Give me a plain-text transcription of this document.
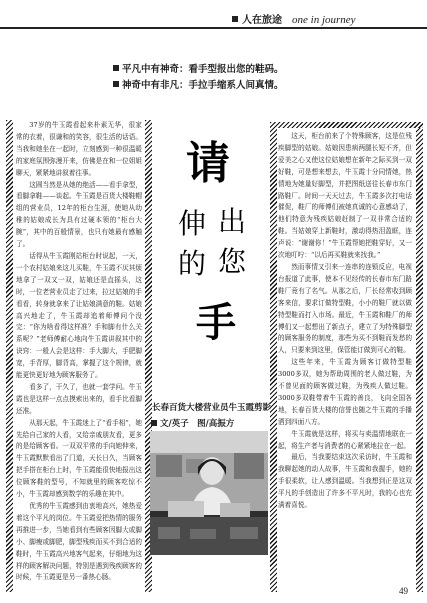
人在旅途 one in journey
平凡中有神奇：看手型报出您的鞋码。
神奇中有非凡：手拉手缩系人间真情。

37岁的牛玉霞看起来朴素无华，很家常的衣着，很谦和的笑容，很生活的话语。当我和她坐在一起时，立刻感到一种很温暖的家庭氛围弥漫开来，仿佛是在和一位姐姐聊天，紧紧地讲叙着往事。

这圆当然是从她的绝活——看手拿型，看脚拿鞋——谈起。牛玉霞是百货大楼鞋帽组的营业员，12年的柜台生涯，使她从幼稚的姑娘成长为具有过硬本领的“柜台大腕”，其中的百般情景，也只有她最有感触了。

话得从牛玉霞刚站柜台时说起，一天，一个农村姑娘来这儿买鞋，牛玉霞不厌其烦地拿了一双又一双，姑娘还是直摇头，这时，一位老营业员走了过来，拉过姑娘的手看看，转身就拿来了让姑娘满意的鞋。姑娘高兴地走了，牛玉霞却追着师傅问个没完：“你为啥看得这样准？手和脚有什么关系呢？”老师傅耐心地向牛玉霞讲叙其中的诀窍：一般人会是这样：手大脚大，手肥脚宽，手背厚，脚背高，掌握了这个规律，就能更快更好地为顾客服务了。

看多了，干久了，也就一套学问。牛玉霞也是这样一点点摸索出来的，看手比看脚还准。

从那天起，牛玉霞迷上了“看手相”，她先给自己家的人看，又给亲戚朋友看，更多的是给顾客看。一双双平常的手向她伸来，牛玉霞默默看出了门道，天长日久，当顾客把手搭在柜台上时，牛玉霞能很快地报出这位顾客鞋的型号，不知就里的顾客吃惊不小，牛玉霞却感到数学的乐趣在其中。

优秀的牛玉霞感到由衷地高兴，她热爱着这个平凡的岗位。牛玉霞爱把热情的服务再推进一步，当她看到有些顾客因脚大或脚小、脚瘦或脚肥，脚型残疾而买不到合适的鞋时，牛玉霞高兴地客气起来，仔细地为这样的顾客解决问题，特别是遇到残疾顾客的时候，牛玉霞更是另一番热心肠。

这天，柜台前来了个特殊顾客，这是位残疾脚型的姑娘。姑娘因患病两腿长短不齐，但爱美之心又使这位姑娘想在新年之际买到一双好鞋，可是想来想去，牛玉霞十分同情她，热情地为她量好脚型，并把图纸送往长春市东门路鞋厂。时间一天天过去，牛玉霞多次打电话催促，鞋厂的师傅们被她真诚的心意感动了，他们特意为残疾姑娘赶制了一双非常合适的鞋。当姑娘穿上新鞋时，激动得热泪盈眶，连声说：“谢谢你！”牛玉霞帮她把鞋穿好，又一次地叮咛：“以后再买鞋就来找我。”

然而事情又引来一连串的连锁反应，电视台报道了此事，使本不见经传的长春市东门路鞋厂竟有了名气。从那之后，厂长经常收到顾客来信，要求订做特型鞋，小小的鞋厂就以做特型鞋而打入市场。最近，牛玉霞和鞋厂的师傅们又一起想出了新点子，建立了为特殊脚型的顾客服务的制度，那些为买不到鞋而发愁的人，只要来到这里，保管能订做到可心的鞋。

这些年来，牛玉霞为顾客订做特型鞋3000多双，她为帮助周围的老人做过鞋，为不曾见面的顾客做过鞋，为残疾人做过鞋。3000多双鞋带着牛玉霞的善良，飞向全国各地，长春百货大楼的信誉也随之牛玉霞的手播洒到四面八方。

牛玉霞就是这样，将买与卖温情地联在一起，将生产者与消费者的心紧紧地拉在一起。

最后，当我要结束这次采访时，牛玉霞和我聊起她的动人故事，牛玉霞和我握手，她的手很柔软，让人感到温暖。当我想到正是这双平凡的手创造出了许多不平凡时，我的心也充满着喜悦。

请
伸 出
的 您
手
长春百货大楼营业员牛玉霞剪影
文/英子　图/高振方
49
